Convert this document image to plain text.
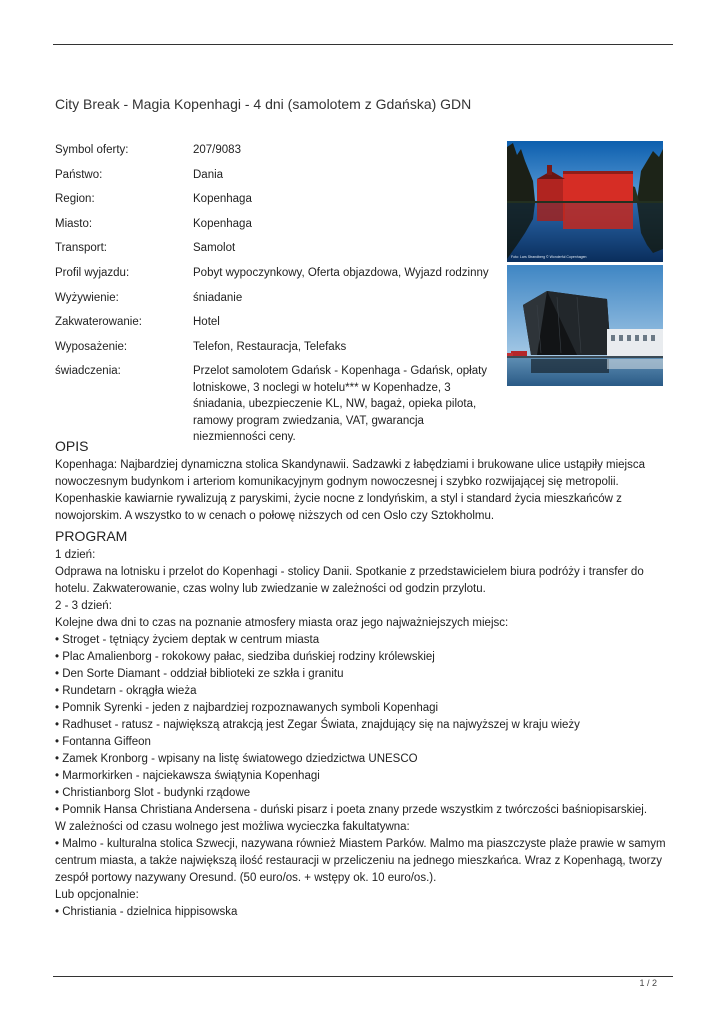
City Break - Magia Kopenhagi - 4 dni (samolotem z Gdańska) GDN
Symbol oferty:	207/9083
Państwo:	Dania
Region:	Kopenhaga
Miasto:	Kopenhaga
Transport:	Samolot
Profil wyjazdu:	Pobyt wypoczynkowy, Oferta objazdowa, Wyjazd rodzinny
Wyżywienie:	śniadanie
Zakwaterowanie:	Hotel
Wyposażenie:	Telefon, Restauracja, Telefaks
świadczenia:	Przelot samolotem Gdańsk - Kopenhaga - Gdańsk, opłaty lotniskowe, 3 noclegi w hotelu*** w Kopenhadze, 3 śniadania, ubezpieczenie KL, NW, bagaż, opieka pilota, ramowy program zwiedzania, VAT, gwarancja niezmienności ceny.
Foto: Lars Strandberg © Wonderful Copenhagen
OPIS

Kopenhaga: Najbardziej dynamiczna stolica Skandynawii. Sadzawki z łabędziami i brukowane ulice ustąpiły miejsca nowoczesnym budynkom i arteriom komunikacyjnym godnym nowoczesnej i szybko rozwijającej się metropolii. Kopenhaskie kawiarnie rywalizują z paryskimi, życie nocne z londyńskim, a styl i standard życia mieszkańców z nowojorskim. A wszystko to w cenach o połowę niższych od cen Oslo czy Sztokholmu.

PROGRAM

1 dzień:

Odprawa na lotnisku i przelot do Kopenhagi - stolicy Danii. Spotkanie z przedstawicielem biura podróży i transfer do hotelu. Zakwaterowanie, czas wolny lub zwiedzanie w zależności od godzin przylotu.

2 - 3 dzień:

Kolejne dwa dni to czas na poznanie atmosfery miasta oraz jego najważniejszych miejsc:

• Stroget - tętniący życiem deptak w centrum miasta

• Plac Amalienborg - rokokowy pałac, siedziba duńskiej rodziny królewskiej

• Den Sorte Diamant - oddział biblioteki ze szkła i granitu

• Rundetarn - okrągła wieża

• Pomnik Syrenki - jeden z najbardziej rozpoznawanych symboli Kopenhagi

• Radhuset - ratusz - największą atrakcją jest Zegar Świata, znajdujący się na najwyższej w kraju wieży

• Fontanna Giffeon

• Zamek Kronborg - wpisany na listę światowego dziedzictwa UNESCO

• Marmorkirken - najciekawsza świątynia Kopenhagi

• Christianborg Slot - budynki rządowe

• Pomnik Hansa Christiana Andersena - duński pisarz i poeta znany przede wszystkim z twórczości baśniopisarskiej.

W zależności od czasu wolnego jest możliwa wycieczka fakultatywna:

• Malmo - kulturalna stolica Szwecji, nazywana również Miastem Parków. Malmo ma piaszczyste plaże prawie w samym centrum miasta, a także największą ilość restauracji w przeliczeniu na jednego mieszkańca. Wraz z Kopenhagą, tworzy zespół portowy nazywany Oresund. (50 euro/os. + wstępy ok. 10 euro/os.).

Lub opcjonalnie:

• Christiania - dzielnica hippisowska

1 / 2
